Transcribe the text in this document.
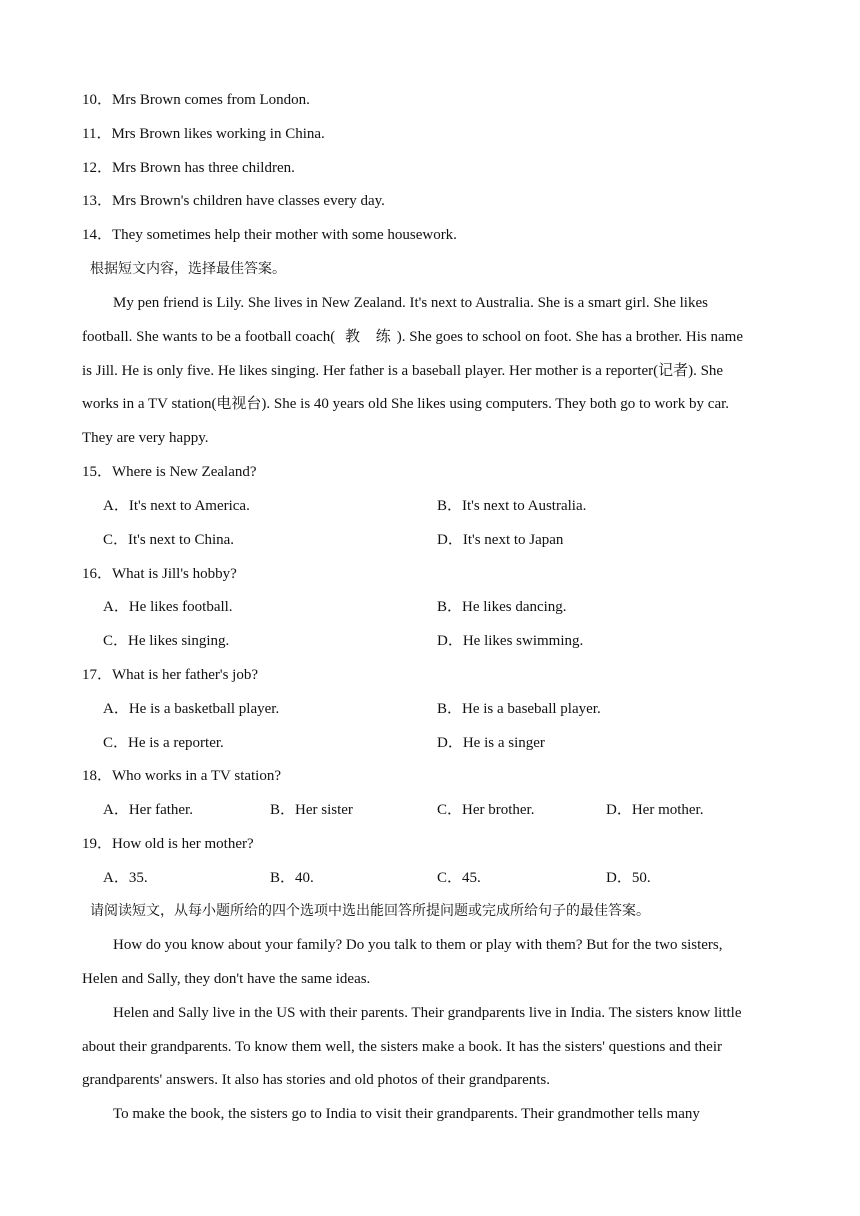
10．Mrs Brown comes from London.
11．Mrs Brown likes working in China.
12．Mrs Brown has three children.
13．Mrs Brown's children have classes every day.
14．They sometimes help their mother with some housework.
根据短文内容，选择最佳答案。
My pen friend is Lily. She lives in New Zealand. It's next to Australia. She is a smart girl. She likes
football. She wants to be a football coach( 教 练). She goes to school on foot. She has a brother. His name
is Jill. He is only five. He likes singing. Her father is a baseball player. Her mother is a reporter(记者). She
works in a TV station(电视台). She is 40 years old She likes using computers. They both go to work by car.
They are very happy.
15．Where is New Zealand?
A．It's next to America.	B．It's next to Australia.
C．It's next to China.	D．It's next to Japan
16．What is Jill's hobby?
A．He likes football.	B．He likes dancing.
C．He likes singing.	D．He likes swimming.
17．What is her father's job?
A．He is a basketball player.	B．He is a baseball player.
C．He is a reporter.	D．He is a singer
18．Who works in a TV station?
A．Her father.	B．Her sister	C．Her brother.	D．Her mother.
19．How old is her mother?
A．35.	B．40.	C．45.	D．50.
请阅读短文，从每小题所给的四个选项中选出能回答所提问题或完成所给句子的最佳答案。
How do you know about your family? Do you talk to them or play with them? But for the two sisters,
Helen and Sally, they don't have the same ideas.
Helen and Sally live in the US with their parents. Their grandparents live in India. The sisters know little
about their grandparents. To know them well, the sisters make a book. It has the sisters' questions and their
grandparents' answers. It also has stories and old photos of their grandparents.
To make the book, the sisters go to India to visit their grandparents. Their grandmother tells many
